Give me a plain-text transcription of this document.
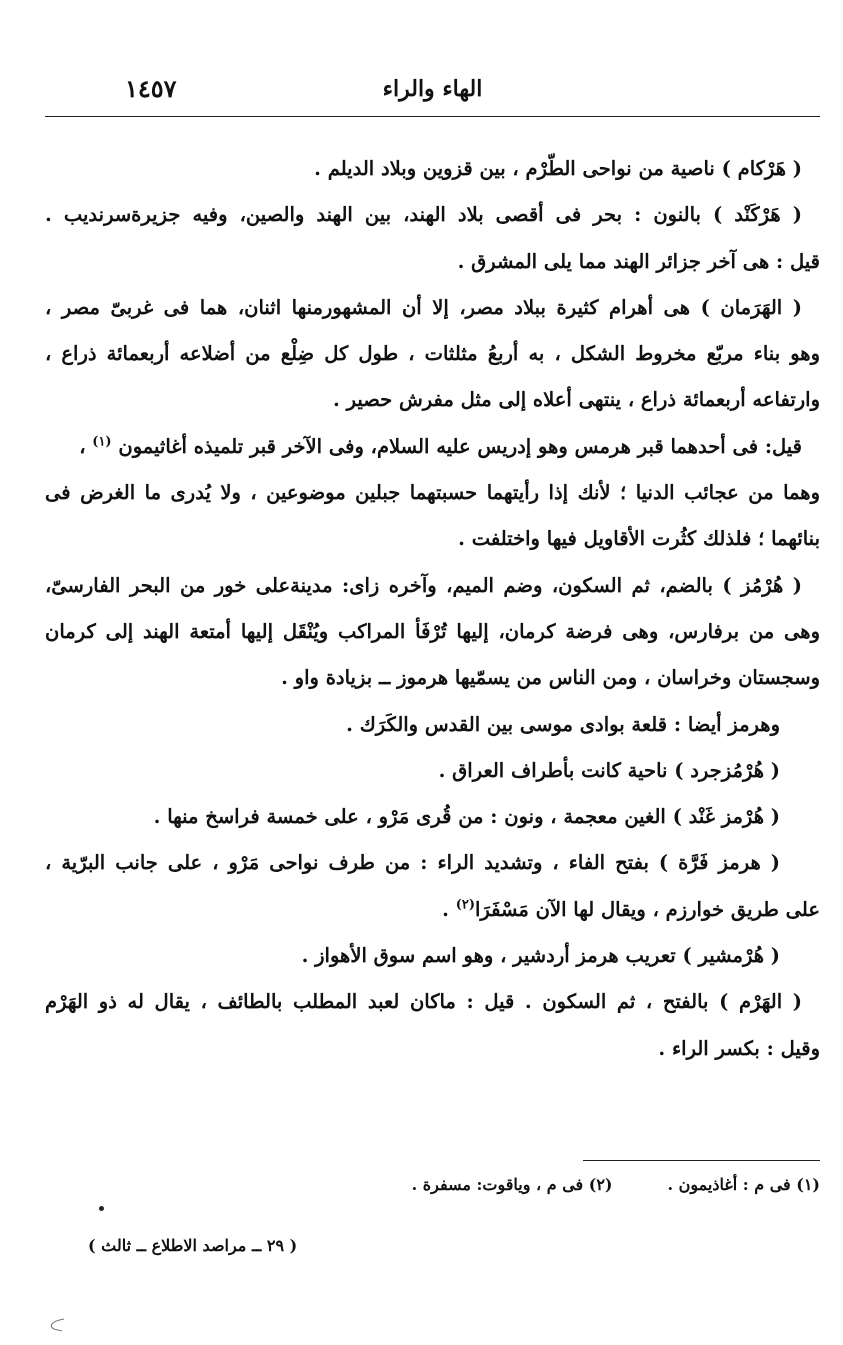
الهاء والراء
١٤٥٧
( هَرْكام ) ناصية من نواحى الطّرْم ، بين قزوين وبلاد الديلم .
( هَرْكَنْد ) بالنون : بحر فى أقصى بلاد الهند، بين الهند والصين، وفيه جزيرةسرنديب .
قيل : هى آخر جزائر الهند مما يلى المشرق .
( الهَرَمان ) هى أهرام كثيرة ببلاد مصر، إلا أن المشهورمنها اثنان، هما فى غربىّ مصر ،
وهو بناء مربّع مخروط الشكل ، به أربعُ مثلثات ، طول كل ضِلْع من أضلاعه أربعمائة ذراع ،
وارتفاعه أربعمائة ذراع ، ينتهى أعلاه إلى مثل مفرش حصير .
قيل: فى أحدهما قبر هرمس وهو إدريس عليه السلام، وفى الآخر قبر تلميذه أغاثيمون $^{(١)}$ ،
وهما من عجائب الدنيا ؛ لأنك إذا رأيتهما حسبتهما جبلين موضوعين ، ولا يُدرى ما الغرض فى
بنائهما ؛ فلذلك كثُرت الأقاويل فيها واختلفت .
( هُرْمُز ) بالضم، ثم السكون، وضم الميم، وآخره زاى: مدينةعلى خور من البحر الفارسىّ،
وهى من برفارس، وهى فرضة كرمان، إليها تُرْفَأ المراكب ويُنْقَل إليها أمتعة الهند إلى كرمان
وسجستان وخراسان ، ومن الناس من يسمّيها هرموز ــ بزيادة واو .
وهرمز أيضا : قلعة بوادى موسى بين القدس والكَرَك .
( هُرْمُزجرد ) ناحية كانت بأطراف العراق .
( هُرْمز غَنْد ) الغين معجمة ، ونون : من قُرى مَرْو ، على خمسة فراسخ منها .
( هرمز فَرَّة ) بفتح الفاء ، وتشديد الراء : من طرف نواحى مَرْو ، على جانب البرّية ،
على طريق خوارزم ، ويقال لها الآن مَسْفَرَا$^{(٢)}$ .
( هُرْمشير ) تعريب هرمز أردشير ، وهو اسم سوق الأهواز .
( الهَرْم ) بالفتح ، ثم السكون . قيل : ماكان لعبد المطلب بالطائف ، يقال له ذو الهَرْم
وقيل : بكسر الراء .
(١) فى م : أغاذيمون .(٢) فى م ، وياقوت: مسفرة .
( ٢٩ ــ مراصد الاطلاع ــ ثالث )
